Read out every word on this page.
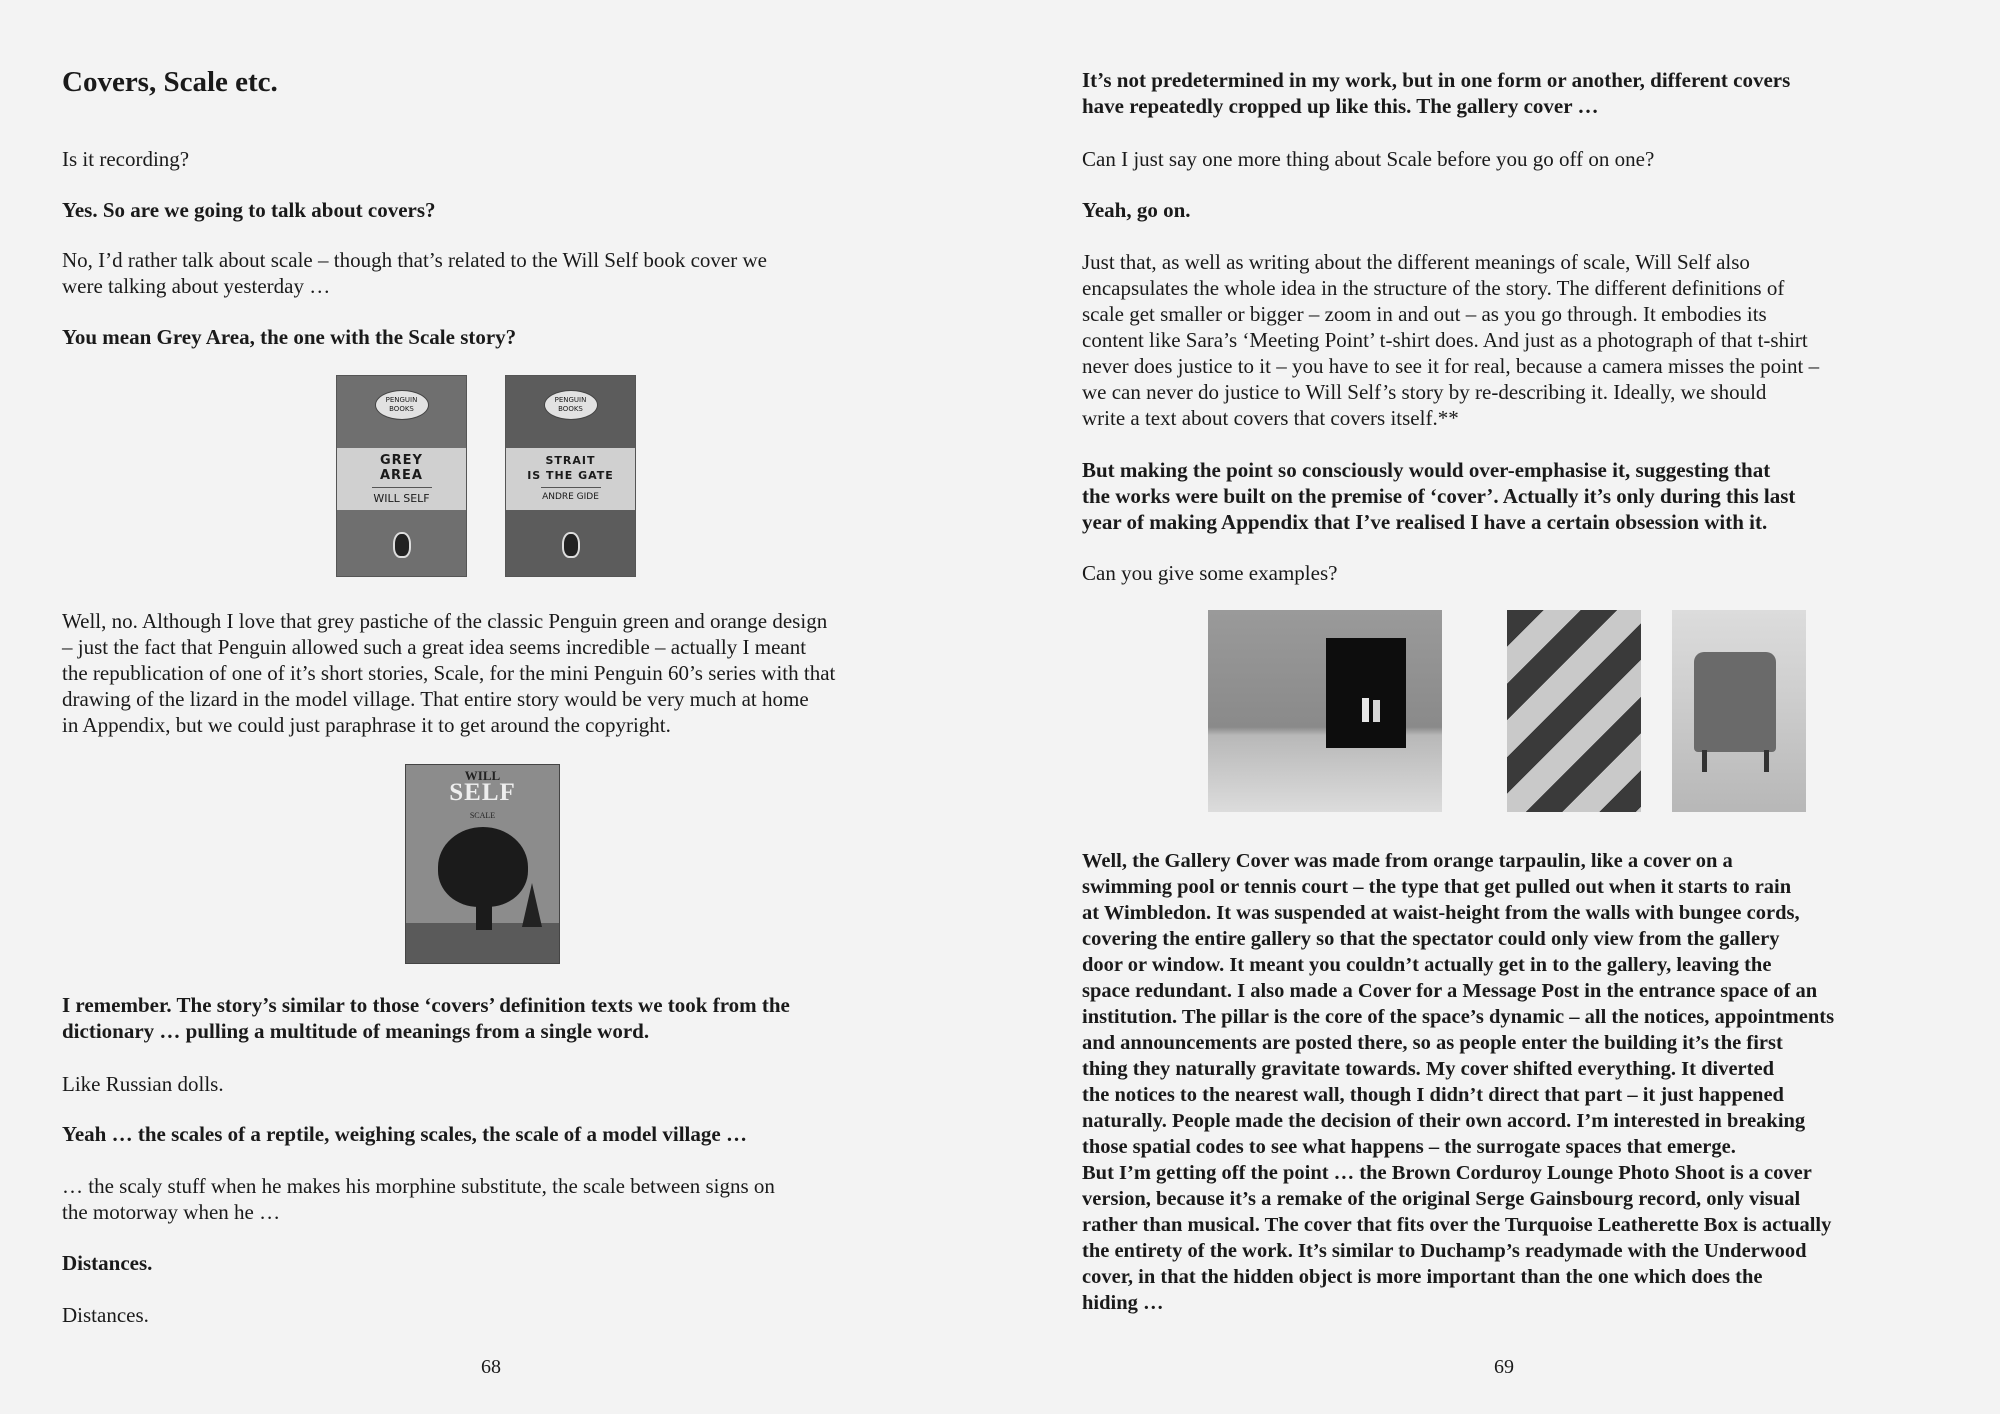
Covers, Scale etc.

Is it recording?

Yes. So are we going to talk about covers?

No, I’d rather talk about scale – though that’s related to the Will Self book cover we
were talking about yesterday …

You mean Grey Area, the one with the Scale story?

PENGUIN
BOOKS
GREY
AREA
WILL SELF
PENGUIN
BOOKS
STRAIT
IS THE GATE
ANDRE GIDE

Well, no. Although I love that grey pastiche of the classic Penguin green and orange design
– just the fact that Penguin allowed such a great idea seems incredible – actually I meant
the republication of one of it’s short stories, Scale, for the mini Penguin 60’s series with that
drawing of the lizard in the model village. That entire story would be very much at home
in Appendix, but we could just paraphrase it to get around the copyright.

WILL
SELF
SCALE

I remember. The story’s similar to those ‘covers’ definition texts we took from the
dictionary … pulling a multitude of meanings from a single word.

Like Russian dolls.

Yeah … the scales of a reptile, weighing scales, the scale of a model village …

… the scaly stuff when he makes his morphine substitute, the scale between signs on
the motorway when he …

Distances.

Distances.

68

It’s not predetermined in my work, but in one form or another, different covers
have repeatedly cropped up like this. The gallery cover …

Can I just say one more thing about Scale before you go off on one?

Yeah, go on.

Just that, as well as writing about the different meanings of scale, Will Self also
encapsulates the whole idea in the structure of the story. The different definitions of
scale get smaller or bigger – zoom in and out – as you go through. It embodies its
content like Sara’s ‘Meeting Point’ t-shirt does. And just as a photograph of that t-shirt
never does justice to it – you have to see it for real, because a camera misses the point –
we can never do justice to Will Self’s story by re-describing it. Ideally, we should
write a text about covers that covers itself.**

But making the point so consciously would over-emphasise it, suggesting that
the works were built on the premise of ‘cover’. Actually it’s only during this last
year of making Appendix that I’ve realised I have a certain obsession with it.

Can you give some examples?

Well, the Gallery Cover was made from orange tarpaulin, like a cover on a
swimming pool or tennis court – the type that get pulled out when it starts to rain
at Wimbledon. It was suspended at waist-height from the walls with bungee cords,
covering the entire gallery so that the spectator could only view from the gallery
door or window. It meant you couldn’t actually get in to the gallery, leaving the
space redundant. I also made a Cover for a Message Post in the entrance space of an
institution. The pillar is the core of the space’s dynamic – all the notices, appointments
and announcements are posted there, so as people enter the building it’s the first
thing they naturally gravitate towards. My cover shifted everything. It diverted
the notices to the nearest wall, though I didn’t direct that part – it just happened
naturally. People made the decision of their own accord. I’m interested in breaking
those spatial codes to see what happens – the surrogate spaces that emerge.
But I’m getting off the point … the Brown Corduroy Lounge Photo Shoot is a cover
version, because it’s a remake of the original Serge Gainsbourg record, only visual
rather than musical. The cover that fits over the Turquoise Leatherette Box is actually
the entirety of the work. It’s similar to Duchamp’s readymade with the Underwood
cover, in that the hidden object is more important than the one which does the
hiding …

69
